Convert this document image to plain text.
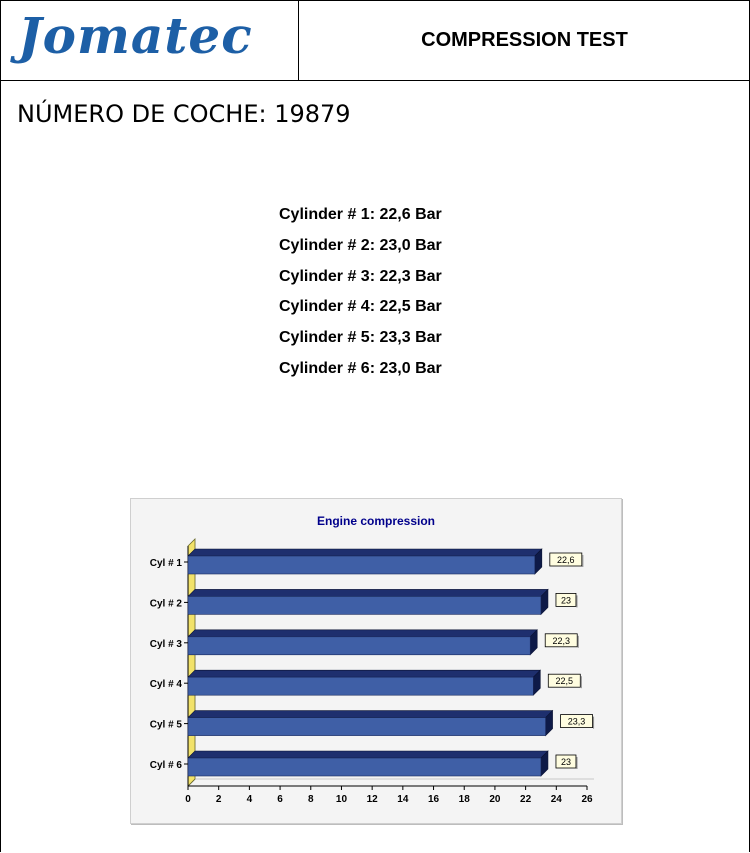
Jomatec	COMPRESSION TEST
NÚMERO DE COCHE: 19879
Cylinder # 1: 22,6 Bar
Cylinder # 2: 23,0 Bar
Cylinder # 3: 22,3 Bar
Cylinder # 4: 22,5 Bar
Cylinder # 5: 23,3 Bar
Cylinder # 6: 23,0 Bar
Engine compression
0	2	4	6	8 10 12 14 16 18 20 22 24 26
Cyl # 1	22,6
Cyl # 2	23
Cyl # 3	22,3
Cyl # 4	22,5
Cyl # 5	23,3
Cyl # 6	23
